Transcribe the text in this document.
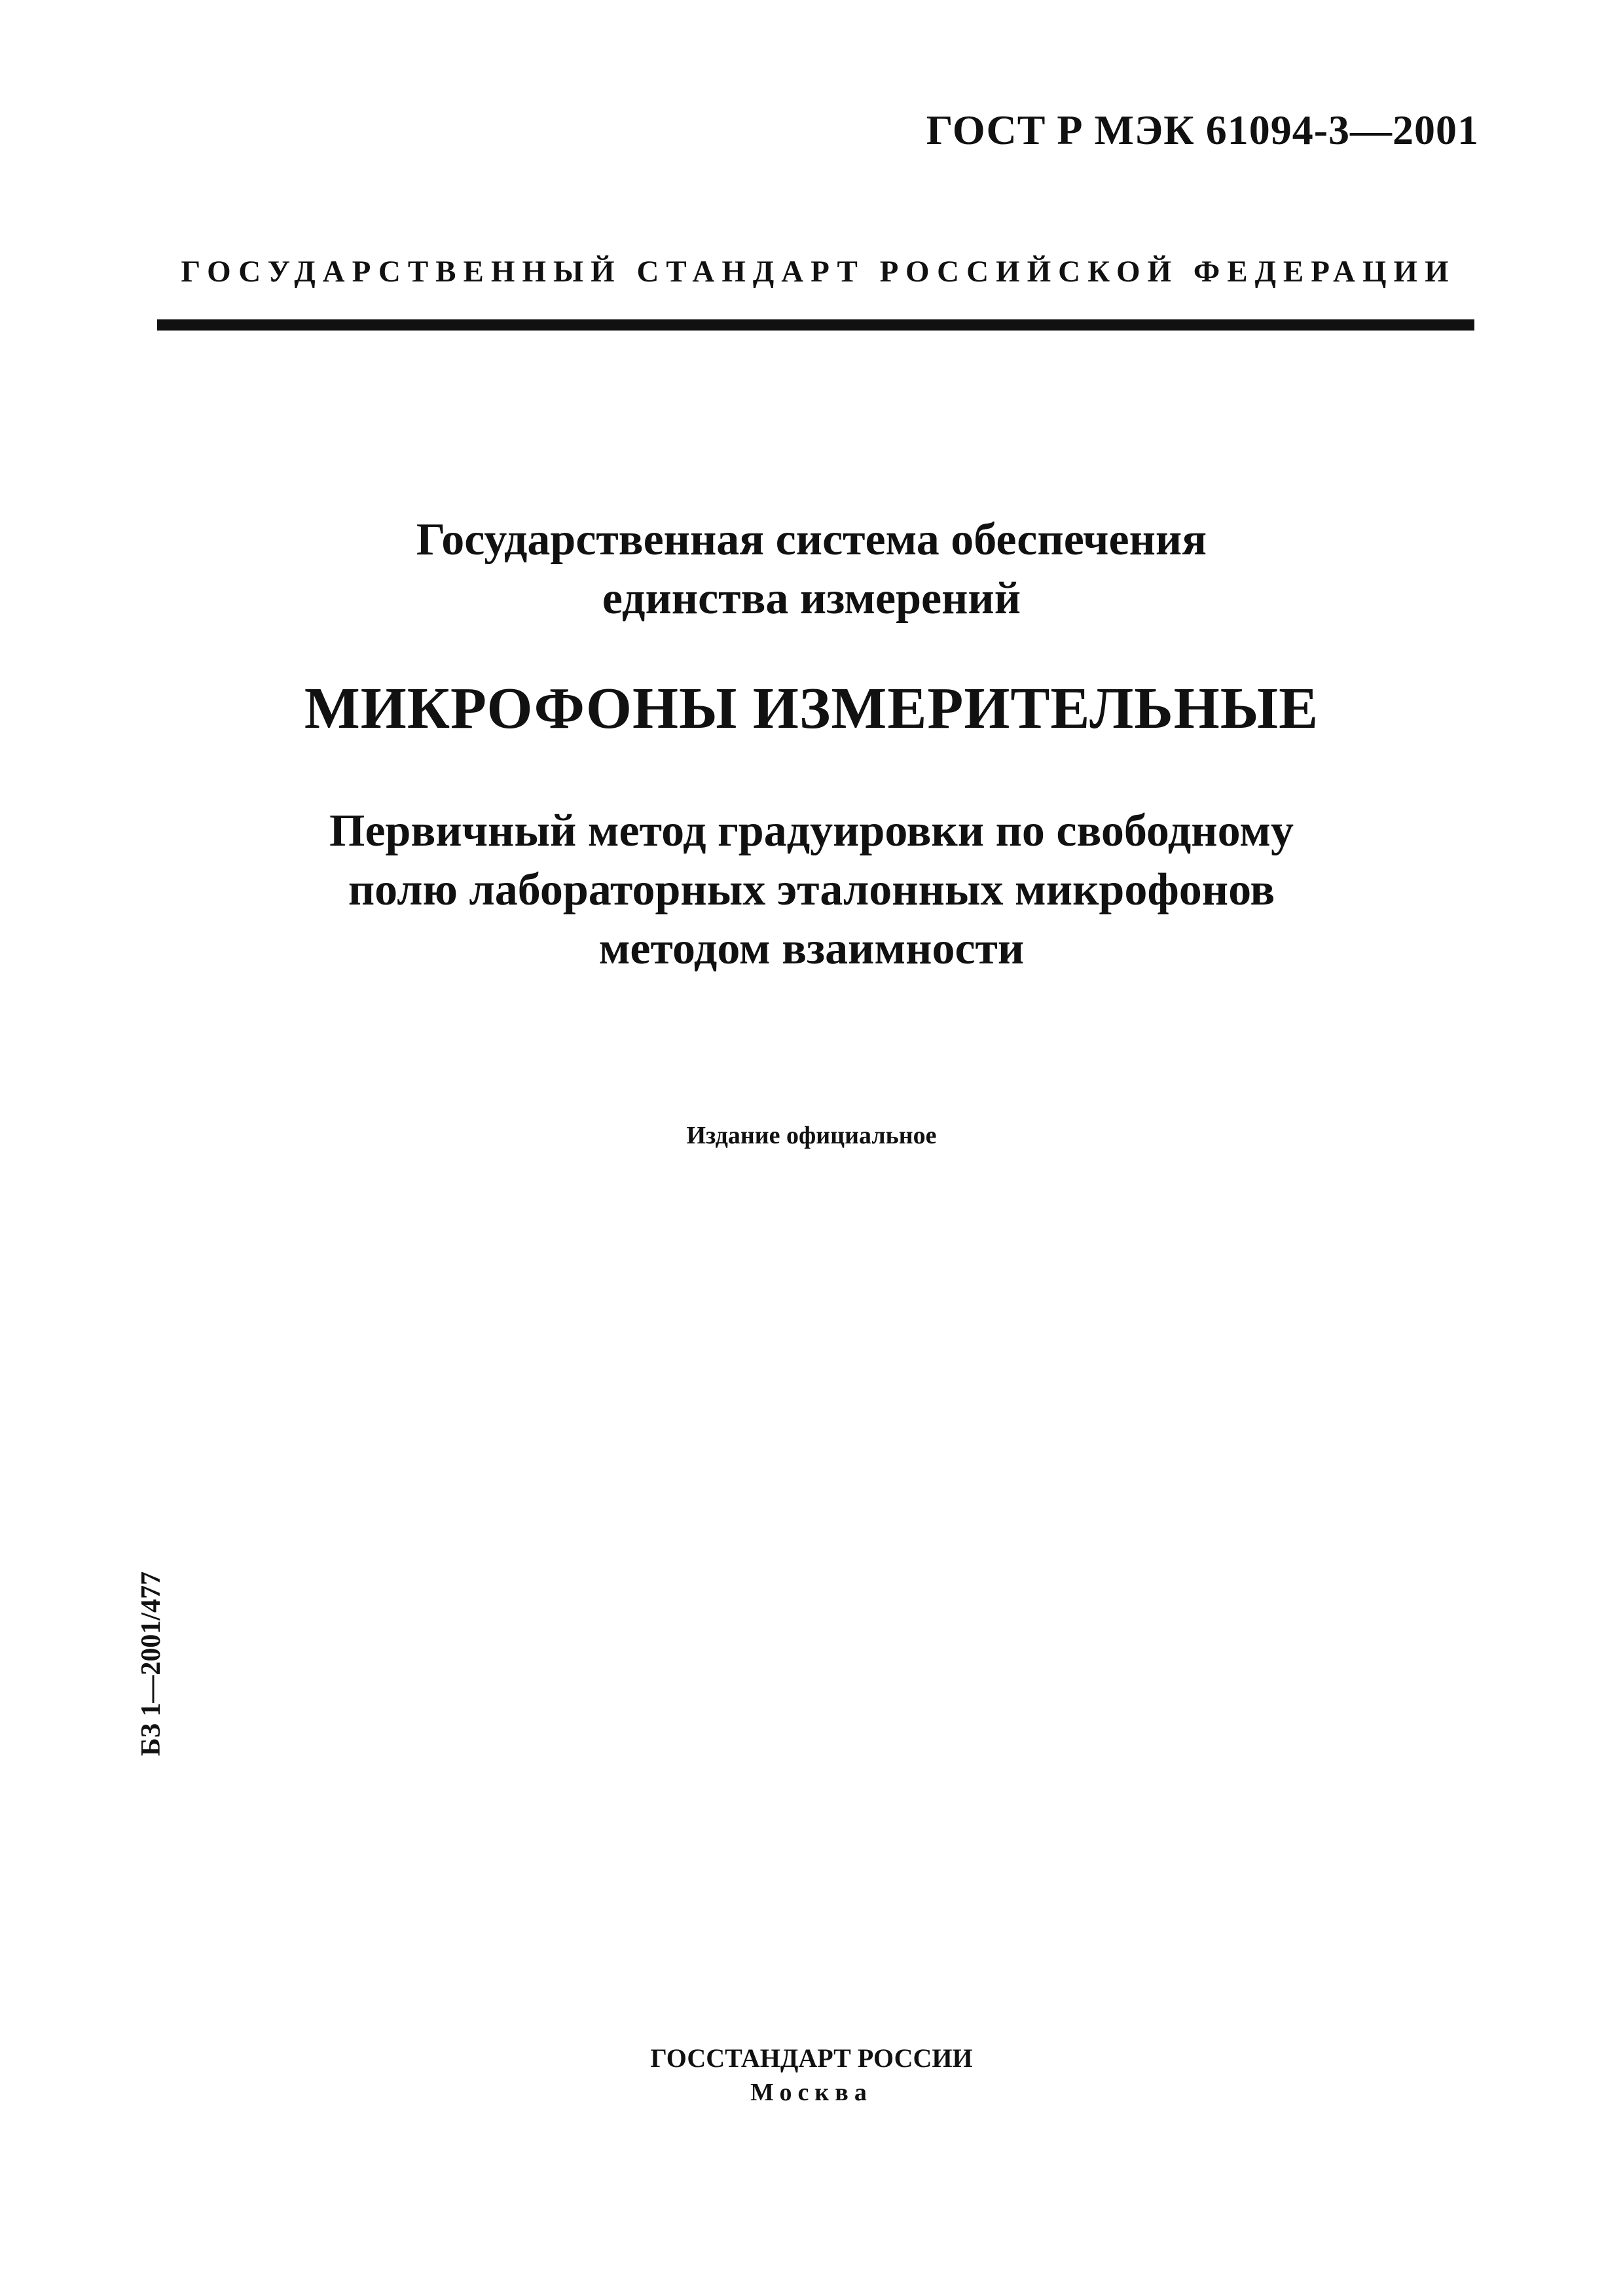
ГОСТ Р МЭК 61094-3—2001
ГОСУДАРСТВЕННЫЙ СТАНДАРТ РОССИЙСКОЙ ФЕДЕРАЦИИ
Государственная система обеспечения
единства измерений
МИКРОФОНЫ ИЗМЕРИТЕЛЬНЫЕ
Первичный метод градуировки по свободному
полю лабораторных эталонных микрофонов
методом взаимности
Издание официальное
БЗ 1—2001/477
ГОССТАНДАРТ РОССИИ
Москва
